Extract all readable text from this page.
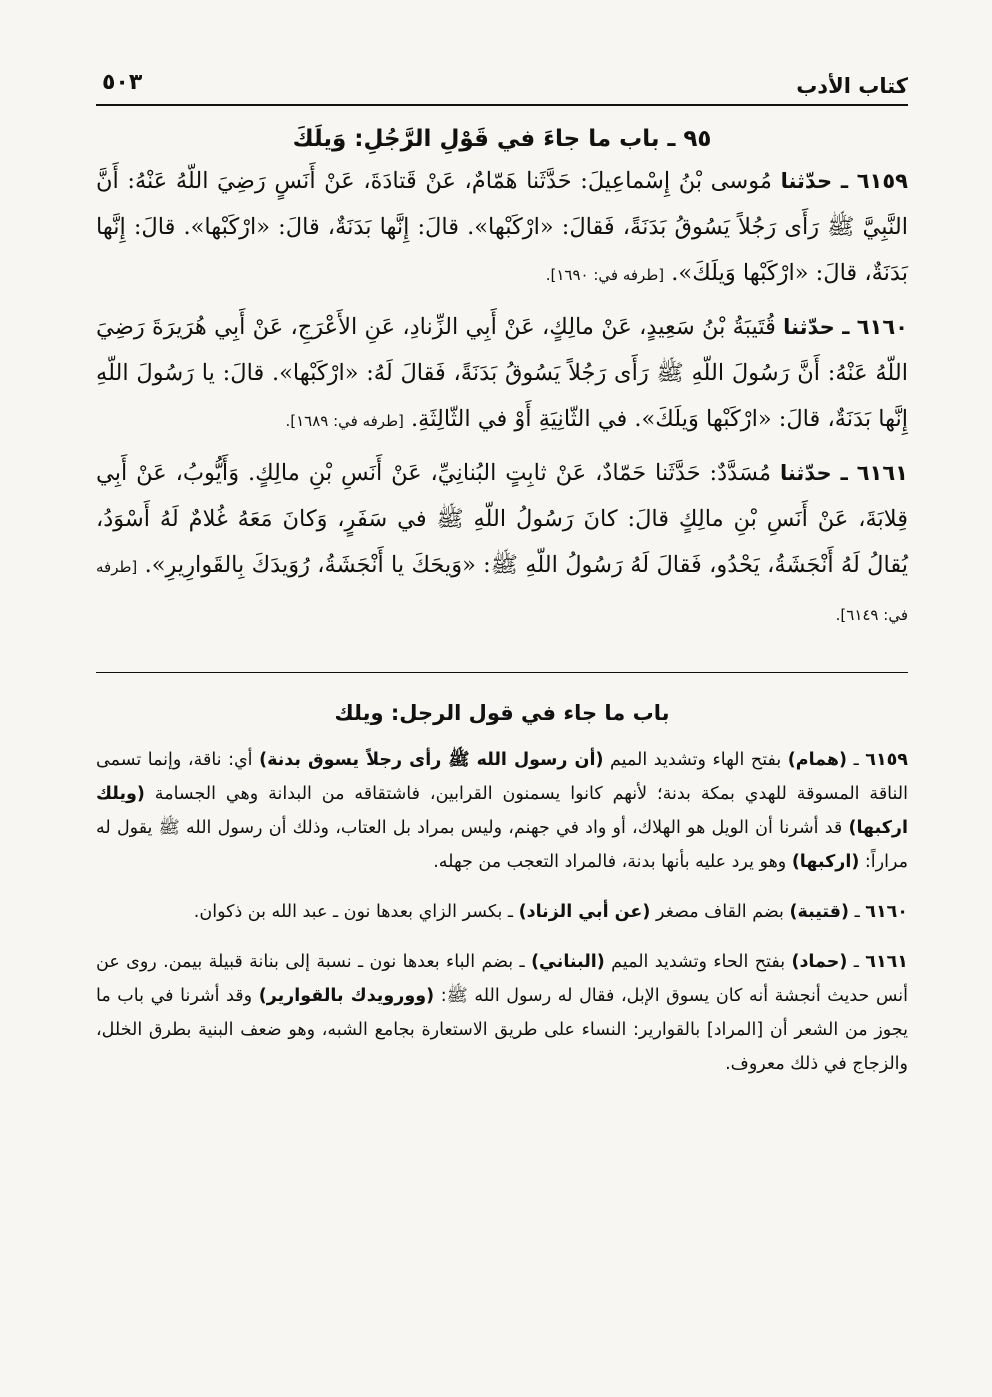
كتاب الأدب
٥٠٣
٩٥ ـ باب ما جاءَ في قَوْلِ الرَّجُلِ: وَيلَكَ

٦١٥٩ ـ حدّثنا مُوسى بْنُ إِسْماعِيلَ: حَدَّثَنا هَمّامٌ، عَنْ قَتادَةَ، عَنْ أَنَسٍ رَضِيَ اللّهُ عَنْهُ: أَنَّ النَّبِيَّ ﷺ رَأَى رَجُلاً يَسُوقُ بَدَنَةً، فَقالَ: «ارْكَبْها». قالَ: إِنَّها بَدَنَةٌ، قالَ: «ارْكَبْها». قالَ: إِنَّها بَدَنَةٌ، قالَ: «ارْكَبْها وَيلَكَ». [طرفه في: ١٦٩٠].

٦١٦٠ ـ حدّثنا قُتَيبَةُ بْنُ سَعِيدٍ، عَنْ مالِكٍ، عَنْ أَبِي الزِّنادِ، عَنِ الأَعْرَجِ، عَنْ أَبِي هُرَيرَةَ رَضِيَ اللّهُ عَنْهُ: أَنَّ رَسُولَ اللّهِ ﷺ رَأَى رَجُلاً يَسُوقُ بَدَنَةً، فَقالَ لَهُ: «ارْكَبْها». قالَ: يا رَسُولَ اللّهِ إِنَّها بَدَنَةٌ، قالَ: «ارْكَبْها وَيلَكَ». في الثّانِيَةِ أَوْ في الثّالِثَةِ. [طرفه في: ١٦٨٩].

٦١٦١ ـ حدّثنا مُسَدَّدٌ: حَدَّثَنا حَمّادٌ، عَنْ ثابِتٍ البُنانِيِّ، عَنْ أَنَسِ بْنِ مالِكٍ. وَأَيُّوبُ، عَنْ أَبِي قِلابَةَ، عَنْ أَنَسِ بْنِ مالِكٍ قالَ: كانَ رَسُولُ اللّهِ ﷺ في سَفَرٍ، وَكانَ مَعَهُ غُلامٌ لَهُ أَسْوَدُ، يُقالُ لَهُ أَنْجَشَةُ، يَحْدُو، فَقالَ لَهُ رَسُولُ اللّهِ ﷺ: «وَيحَكَ يا أَنْجَشَةُ، رُوَيدَكَ بِالقَوارِيرِ». [طرفه في: ٦١٤٩].

باب ما جاء في قول الرجل: ويلك

٦١٥٩ ـ (همام) بفتح الهاء وتشديد الميم (أن رسول الله ﷺ رأى رجلاً يسوق بدنة) أي: ناقة، وإنما تسمى الناقة المسوقة للهدي بمكة بدنة؛ لأنهم كانوا يسمنون القرابين، فاشتقاقه من البدانة وهي الجسامة (ويلك اركبها) قد أشرنا أن الويل هو الهلاك، أو واد في جهنم، وليس بمراد بل العتاب، وذلك أن رسول الله ﷺ يقول له مراراً: (اركبها) وهو يرد عليه بأنها بدنة، فالمراد التعجب من جهله.

٦١٦٠ ـ (قتيبة) بضم القاف مصغر (عن أبي الزناد) ـ بكسر الزاي بعدها نون ـ عبد الله بن ذكوان.

٦١٦١ ـ (حماد) بفتح الحاء وتشديد الميم (البناني) ـ بضم الباء بعدها نون ـ نسبة إلى بنانة قبيلة بيمن. روى عن أنس حديث أنجشة أنه كان يسوق الإبل، فقال له رسول الله ﷺ: (وورويدك بالقوارير) وقد أشرنا في باب ما يجوز من الشعر أن [المراد] بالقوارير: النساء على طريق الاستعارة بجامع الشبه، وهو ضعف البنية بطرق الخلل، والزجاج في ذلك معروف.
